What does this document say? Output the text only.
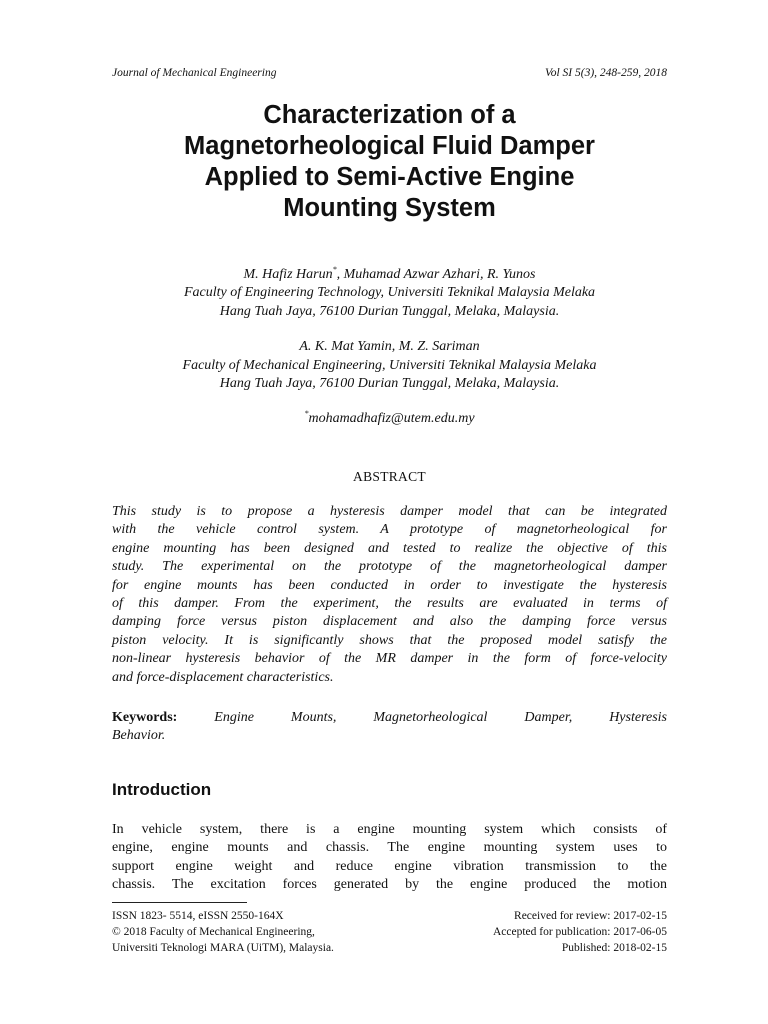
Journal of Mechanical Engineering	Vol SI 5(3), 248-259, 2018
Characterization of a
Magnetorheological Fluid Damper
Applied to Semi-Active Engine
Mounting System
M. Hafiz Harun*, Muhamad Azwar Azhari, R. Yunos
Faculty of Engineering Technology, Universiti Teknikal Malaysia Melaka
Hang Tuah Jaya, 76100 Durian Tunggal, Melaka, Malaysia.
A. K. Mat Yamin, M. Z. Sariman
Faculty of Mechanical Engineering, Universiti Teknikal Malaysia Melaka
Hang Tuah Jaya, 76100 Durian Tunggal, Melaka, Malaysia.
*mohamadhafiz@utem.edu.my
ABSTRACT
This study is to propose a hysteresis damper model that can be integrated
with the vehicle control system. A prototype of magnetorheological for
engine mounting has been designed and tested to realize the objective of this
study. The experimental on the prototype of the magnetorheological damper
for engine mounts has been conducted in order to investigate the hysteresis
of this damper. From the experiment, the results are evaluated in terms of
damping force versus piston displacement and also the damping force versus
piston velocity. It is significantly shows that the proposed model satisfy the
non-linear hysteresis behavior of the MR damper in the form of force-velocity
and force-displacement characteristics.
Keywords:	Engine Mounts, Magnetorheological Damper, Hysteresis
Behavior.
Introduction
In vehicle system, there is a engine mounting system which consists of
engine, engine mounts and chassis. The engine mounting system uses to
support engine weight and reduce engine vibration transmission to the
chassis. The excitation forces generated by the engine produced the motion
ISSN 1823- 5514, eISSN 2550-164X
© 2018 Faculty of Mechanical Engineering,
Universiti Teknologi MARA (UiTM), Malaysia.
Received for review: 2017-02-15
Accepted for publication: 2017-06-05
Published: 2018-02-15
